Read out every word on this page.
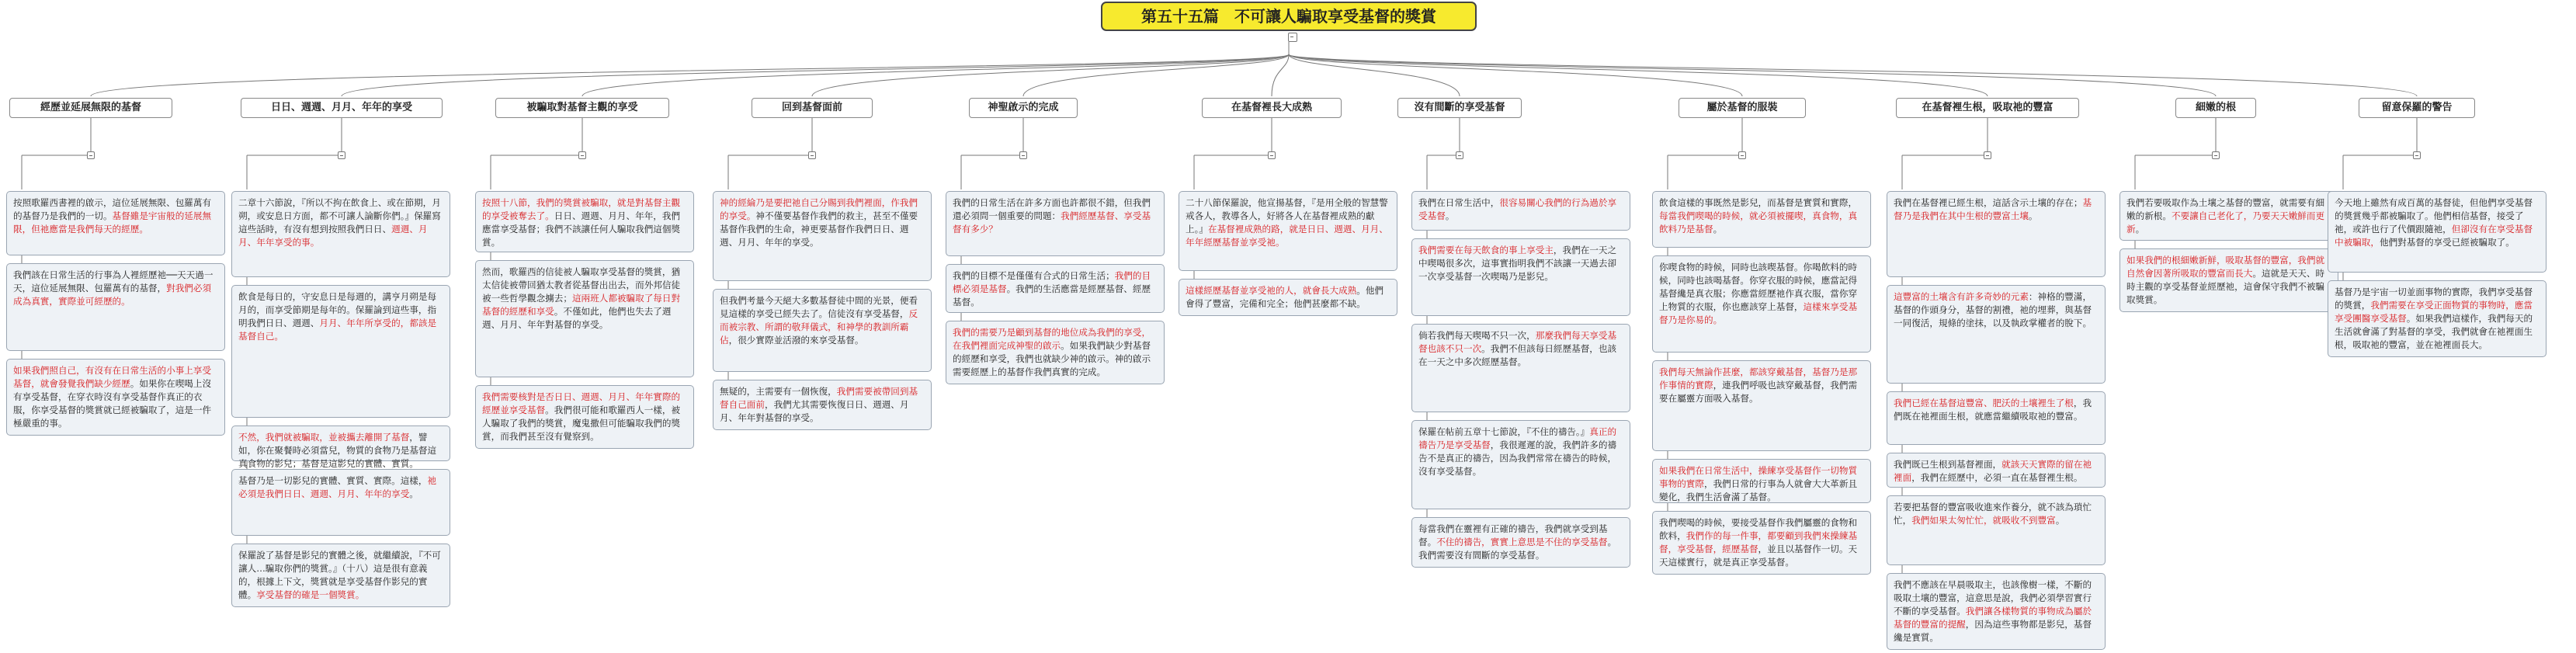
第五十五篇　不可讓人騙取享受基督的獎賞
經歷並延展無限的基督
按照歌羅西書裡的啟示，這位延展無限、包羅萬有的基督乃是我們的一切。基督雖是宇宙般的延展無限，但祂應當是我們每天的經歷。
我們該在日常生活的行事為人裡經歷祂──天天過一天，這位延展無限、包羅萬有的基督，對我們必須成為真實，實際並可經歷的。
如果我們照自己，有沒有在日常生活的小事上享受基督，就會發覺我們缺少經歷。如果你在喫喝上沒有享受基督，在穿衣時沒有享受基督作真正的衣服，你享受基督的獎賞就已經被騙取了，這是一件極嚴重的事。
日日、週週、月月、年年的享受
二章十六節說，『所以不拘在飲食上、或在節期，月朔，或安息日方面，都不可讓人論斷你們。』保羅寫這些話時，有沒有想到按照我們日日、週週、月月、年年享受的事。
飲食是每日的，守安息日是每週的，講亨月朔是每月的，而享受節期是每年的。保羅論到這些事，指明我們日日、週週、月月、年年所享受的，都該是基督自己。
不然，我們就被騙取，並被攜去離開了基督，譬如，你在聚餐時必須當兒，物質的食物乃是基督這真食物的影兒；基督是這影兒的實體、實質。
基督乃是一切影兒的實體、實質、實際。這樣，祂必須是我們日日、週週、月月、年年的享受。
保羅說了基督是影兒的實體之後，就繼續說，『不可讓人…騙取你們的獎賞。』（十八）這是很有意義的，根據上下文，獎賞就是享受基督作影兒的實體。享受基督的確是一個獎賞。
被騙取對基督主觀的享受
按照十八節，我們的獎賞被騙取，就是對基督主觀的享受被奪去了。日日、週週、月月、年年，我們應當享受基督；我們不該讓任何人騙取我們這個獎賞。
然而，歌羅西的信徒被人騙取享受基督的獎賞，猶太信徒被帶回猶太教者從基督出出去，而外邦信徒被一些哲學觀念擄去；這兩班人都被騙取了每日對基督的經歷和享受。不僅如此，他們也失去了週週、月月、年年對基督的享受。
我們需要核對是否日日、週週、月月、年年實際的經歷並享受基督。我們很可能和歌羅西人一樣，被人騙取了我們的獎賞，魔鬼撒但可能騙取我們的獎賞，而我們甚至沒有覺察到。
回到基督面前
神的經綸乃是要把祂自己分賜到我們裡面，作我們的享受。神不僅要基督作我們的救主，甚至不僅要基督作我們的生命，神更要基督作我們日日、週週、月月、年年的享受。
但我們考量今天絕大多數基督徒中間的光景，便看見這樣的享受已經失去了。信徒沒有享受基督，反而被宗教、所謂的敬拜儀式，和神學的教訓所霸佔，很少實際並活潑的來享受基督。
無疑的，主需要有一個恢復，我們需要被帶回到基督自己面前，我們尤其需要恢復日日、週週、月月、年年對基督的享受。
神聖啟示的完成
我們的日常生活在許多方面也許都很不錯，但我們還必須問一個重要的問題：我們經歷基督、享受基督有多少？
我們的目標不是僅僅有合式的日常生活；我們的目標必須是基督。我們的生活應當是經歷基督、經歷基督。
我們的需要乃是顧到基督的地位成為我們的享受，在我們裡面完成神聖的啟示。如果我們缺少對基督的經歷和享受，我們也就缺少神的啟示。神的啟示需要經歷上的基督作我們真實的完成。
在基督裡長大成熟
二十八節保羅說，他宣揚基督，『是用全般的智慧警戒各人，教導各人，好將各人在基督裡成熟的獻上。』在基督裡成熟的路，就是日日、週週、月月、年年經歷基督並享受祂。
這樣經歷基督並享受祂的人，就會長大成熟。他們會得了豐富，完備和完全；他們甚麼都不缺。
沒有間斷的享受基督
我們在日常生活中，很容易關心我們的行為過於享受基督。
我們需要在每天飲食的事上享受主，我們在一天之中喫喝很多次，這事實指明我們不該讓一天過去卻一次享受基督一次喫喝乃是影兒。
倘若我們每天喫喝不只一次，那麼我們每天享受基督也該不只一次。我們不但該每日經歷基督，也該在一天之中多次經歷基督。
保羅在帖前五章十七節說，『不住的禱告。』真正的禱告乃是享受基督，我很遲遲的說，我們許多的禱告不是真正的禱告，因為我們常常在禱告的時候，沒有享受基督。
每當我們在靈裡有正確的禱告，我們就享受到基督。不住的禱告，實實上意思是不住的享受基督。我們需要沒有間斷的享受基督。
屬於基督的服裝
飲食這樣的事既然是影兒，而基督是實質和實際，每當我們喫喝的時候，就必須被擺喫，真食物，真飲料乃是基督。
你喫食物的時候，同時也該喫基督。你喝飲料的時候，同時也該喝基督。你穿衣服的時候，應當記得基督纔是真衣服；你應當經歷祂作真衣服，當你穿上物質的衣服，你也應該穿上基督，這樣來享受基督乃是你易的。
我們每天無論作甚麼，都該穿戴基督，基督乃是那作事情的實際，連我們呼吸也該穿戴基督，我們需要在屬靈方面吸入基督。
如果我們在日常生活中，操練享受基督作一切物質事物的實際，我們日常的行事為人就會大大革新且變化，我們生活會滿了基督。
我們喫喝的時候，要接受基督作我們屬靈的食物和飲料，我們作的每一件事，都要顧到我們來操練基督，享受基督，經歷基督，並且以基督作一切。天天這樣實行，就是真正享受基督。
在基督裡生根，吸取祂的豐富
我們在基督裡已經生根，這話含示土壤的存在；基督乃是我們在其中生根的豐富土壤。
這豐富的土壤含有許多奇妙的元素：神格的豐滿，基督的作頭身分，基督的割禮，祂的埋葬，與基督一同復活，規條的塗抹，以及執政掌權者的脫下。
我們已經在基督這豐富、肥沃的土壤裡生了根，我們既在祂裡面生根，就應當繼續吸取祂的豐富。
我們既已生根到基督裡面，就該天天實際的留在祂裡面，我們在經歷中，必須一直在基督裡生根。
若要把基督的豐富吸收進來作養分，就不該為瑣忙忙，我們如果太匆忙忙，就吸收不到豐富。
我們不應該在早晨吸取主，也該像樹一樣，不斷的吸取土壤的豐富，這意思是說，我們必須學習實行不斷的享受基督。我們讓各樣物質的事物成為屬於基督的豐富的提醒，因為這些事物都是影兒，基督纔是實質。
細嫩的根
我們若要吸取作為土壤之基督的豐富，就需要有細嫩的新根。不要讓自己老化了，乃要天天嫩鮮而更新。
如果我們的根細嫩新鮮，吸取基督的豐富，我們就自然會因著所吸取的豐富而長大。這就是天天、時時主觀的享受基督並經歷祂，這會保守我們不被騙取獎賞。
留意保羅的警告
今天地上雖然有成百萬的基督徒，但他們享受基督的獎賞幾乎都被騙取了。他們相信基督，接受了祂，或許也行了代價跟隨祂，但卻沒有在享受基督中被騙取，他們對基督的享受已經被騙取了。
基督乃是宇宙一切並面事物的實際，我們享受基督的獎賞，我們需要在享受正面物質的事物時，應當享受團醫享受基督。如果我們這樣作，我們每天的生活就會滿了對基督的享受，我們就會在祂裡面生根，吸取祂的豐富，並在祂裡面長大。
